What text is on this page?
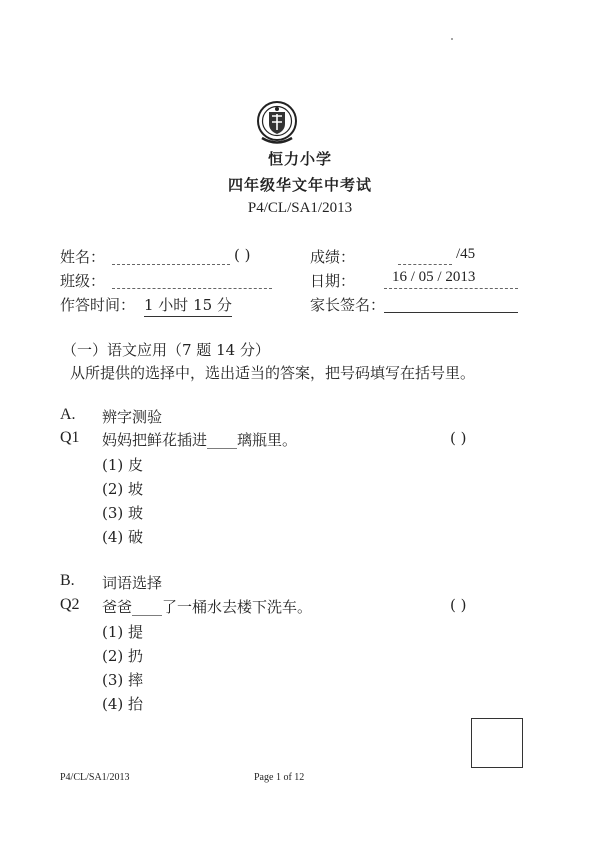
恒力小学
四年级华文年中考试
P4/CL/SA1/2013
姓名：	( )	成绩：	/45
班级：	日期： 16 / 05 / 2013
作答时间： 1 小时 15 分	家长签名：
（一）语文应用（7 题 14 分）
从所提供的选择中，选出适当的答案，把号码填写在括号里。
A. 辨字测验
Q1 妈妈把鲜花插进____璃瓶里。	( )
(1) 皮
(2) 坡
(3) 玻
(4) 破
B. 词语选择
Q2 爸爸____了一桶水去楼下洗车。	( )
(1) 提
(2) 扔
(3) 摔
(4) 抬
P4/CL/SA1/2013	Page 1 of 12
